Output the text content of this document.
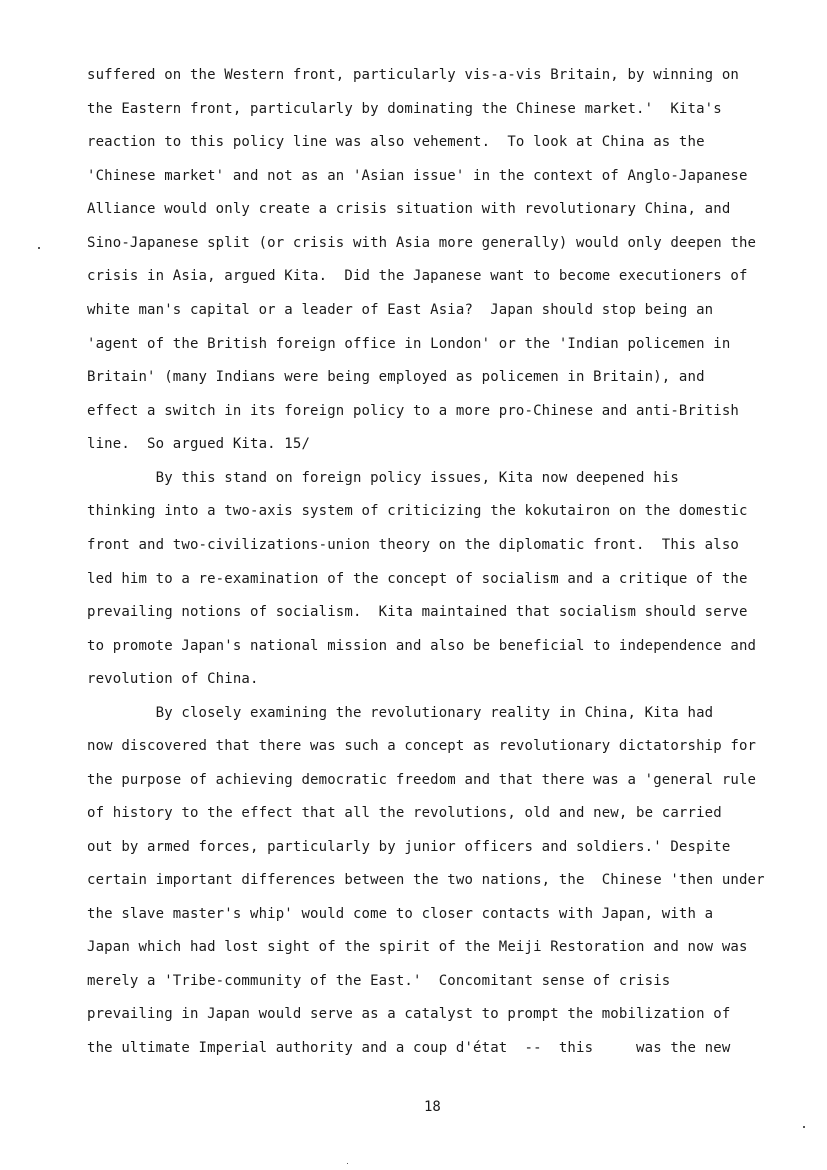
suffered on the Western front, particularly vis-a-vis Britain, by winning on
the Eastern front, particularly by dominating the Chinese market.'  Kita's
reaction to this policy line was also vehement.  To look at China as the
'Chinese market' and not as an 'Asian issue' in the context of Anglo-Japanese
Alliance would only create a crisis situation with revolutionary China, and
Sino-Japanese split (or crisis with Asia more generally) would only deepen the
crisis in Asia, argued Kita.  Did the Japanese want to become executioners of
white man's capital or a leader of East Asia?  Japan should stop being an
'agent of the British foreign office in London' or the 'Indian policemen in
Britain' (many Indians were being employed as policemen in Britain), and
effect a switch in its foreign policy to a more pro-Chinese and anti-British
line.  So argued Kita. 15/
By this stand on foreign policy issues, Kita now deepened his
thinking into a two-axis system of criticizing the kokutairon on the domestic
front and two-civilizations-union theory on the diplomatic front.  This also
led him to a re-examination of the concept of socialism and a critique of the
prevailing notions of socialism.  Kita maintained that socialism should serve
to promote Japan's national mission and also be beneficial to independence and
revolution of China.
By closely examining the revolutionary reality in China, Kita had
now discovered that there was such a concept as revolutionary dictatorship for
the purpose of achieving democratic freedom and that there was a 'general rule
of history to the effect that all the revolutions, old and new, be carried
out by armed forces, particularly by junior officers and soldiers.' Despite
certain important differences between the two nations, the  Chinese 'then under
the slave master's whip' would come to closer contacts with Japan, with a
Japan which had lost sight of the spirit of the Meiji Restoration and now was
merely a 'Tribe-community of the East.'  Concomitant sense of crisis
prevailing in Japan would serve as a catalyst to prompt the mobilization of
the ultimate Imperial authority and a coup d'état  --  this     was the new
18
